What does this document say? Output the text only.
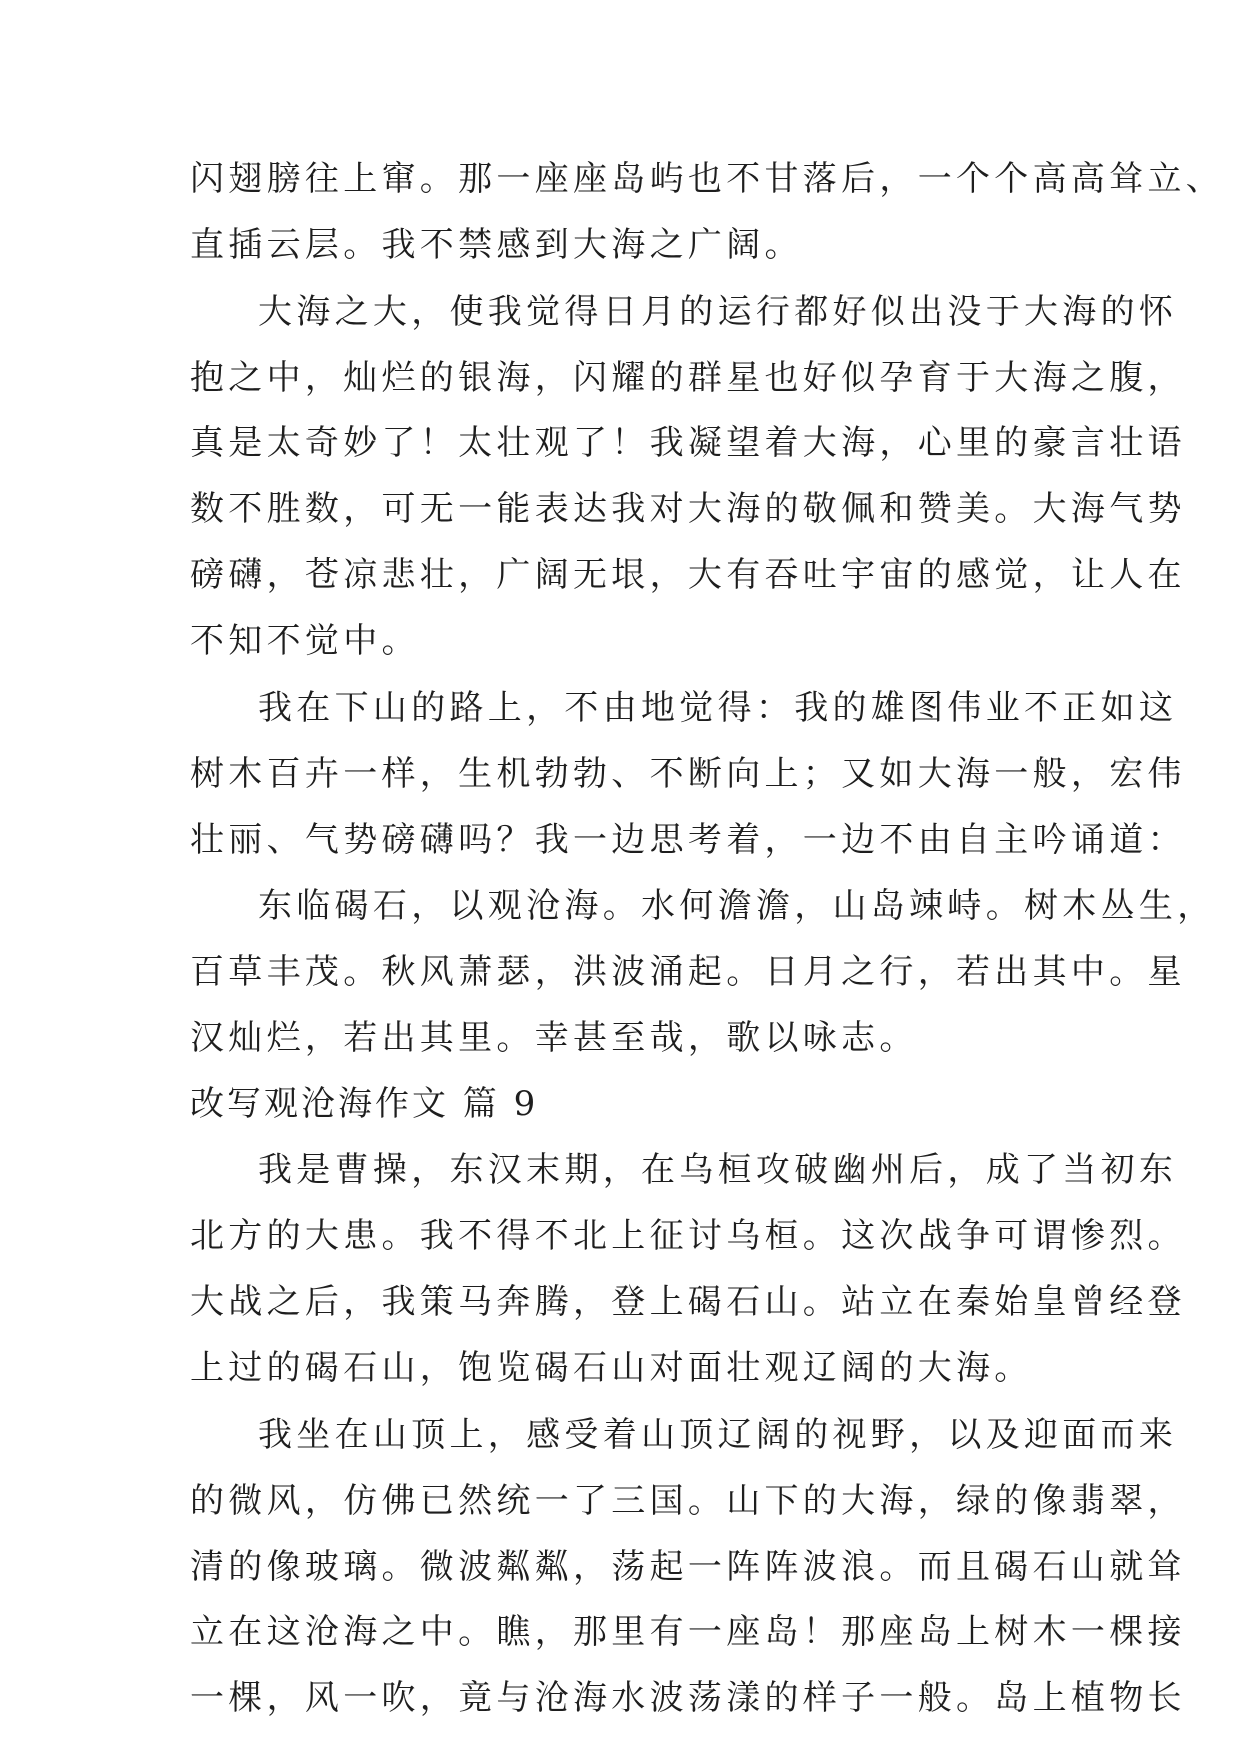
闪翅膀往上窜。那一座座岛屿也不甘落后，一个个高高耸立、
直插云层。我不禁感到大海之广阔。
大海之大，使我觉得日月的运行都好似出没于大海的怀
抱之中，灿烂的银海，闪耀的群星也好似孕育于大海之腹，
真是太奇妙了！太壮观了！我凝望着大海，心里的豪言壮语
数不胜数，可无一能表达我对大海的敬佩和赞美。大海气势
磅礴，苍凉悲壮，广阔无垠，大有吞吐宇宙的感觉，让人在
不知不觉中。
我在下山的路上，不由地觉得：我的雄图伟业不正如这
树木百卉一样，生机勃勃、不断向上；又如大海一般，宏伟
壮丽、气势磅礴吗？我一边思考着，一边不由自主吟诵道：
东临碣石，以观沧海。水何澹澹，山岛竦峙。树木丛生，
百草丰茂。秋风萧瑟，洪波涌起。日月之行，若出其中。星
汉灿烂，若出其里。幸甚至哉，歌以咏志。
改写观沧海作文 篇 9
我是曹操，东汉末期，在乌桓攻破幽州后，成了当初东
北方的大患。我不得不北上征讨乌桓。这次战争可谓惨烈。
大战之后，我策马奔腾，登上碣石山。站立在秦始皇曾经登
上过的碣石山，饱览碣石山对面壮观辽阔的大海。
我坐在山顶上，感受着山顶辽阔的视野，以及迎面而来
的微风，仿佛已然统一了三国。山下的大海，绿的像翡翠，
清的像玻璃。微波粼粼，荡起一阵阵波浪。而且碣石山就耸
立在这沧海之中。瞧，那里有一座岛！那座岛上树木一棵接
一棵，风一吹，竟与沧海水波荡漾的样子一般。岛上植物长
